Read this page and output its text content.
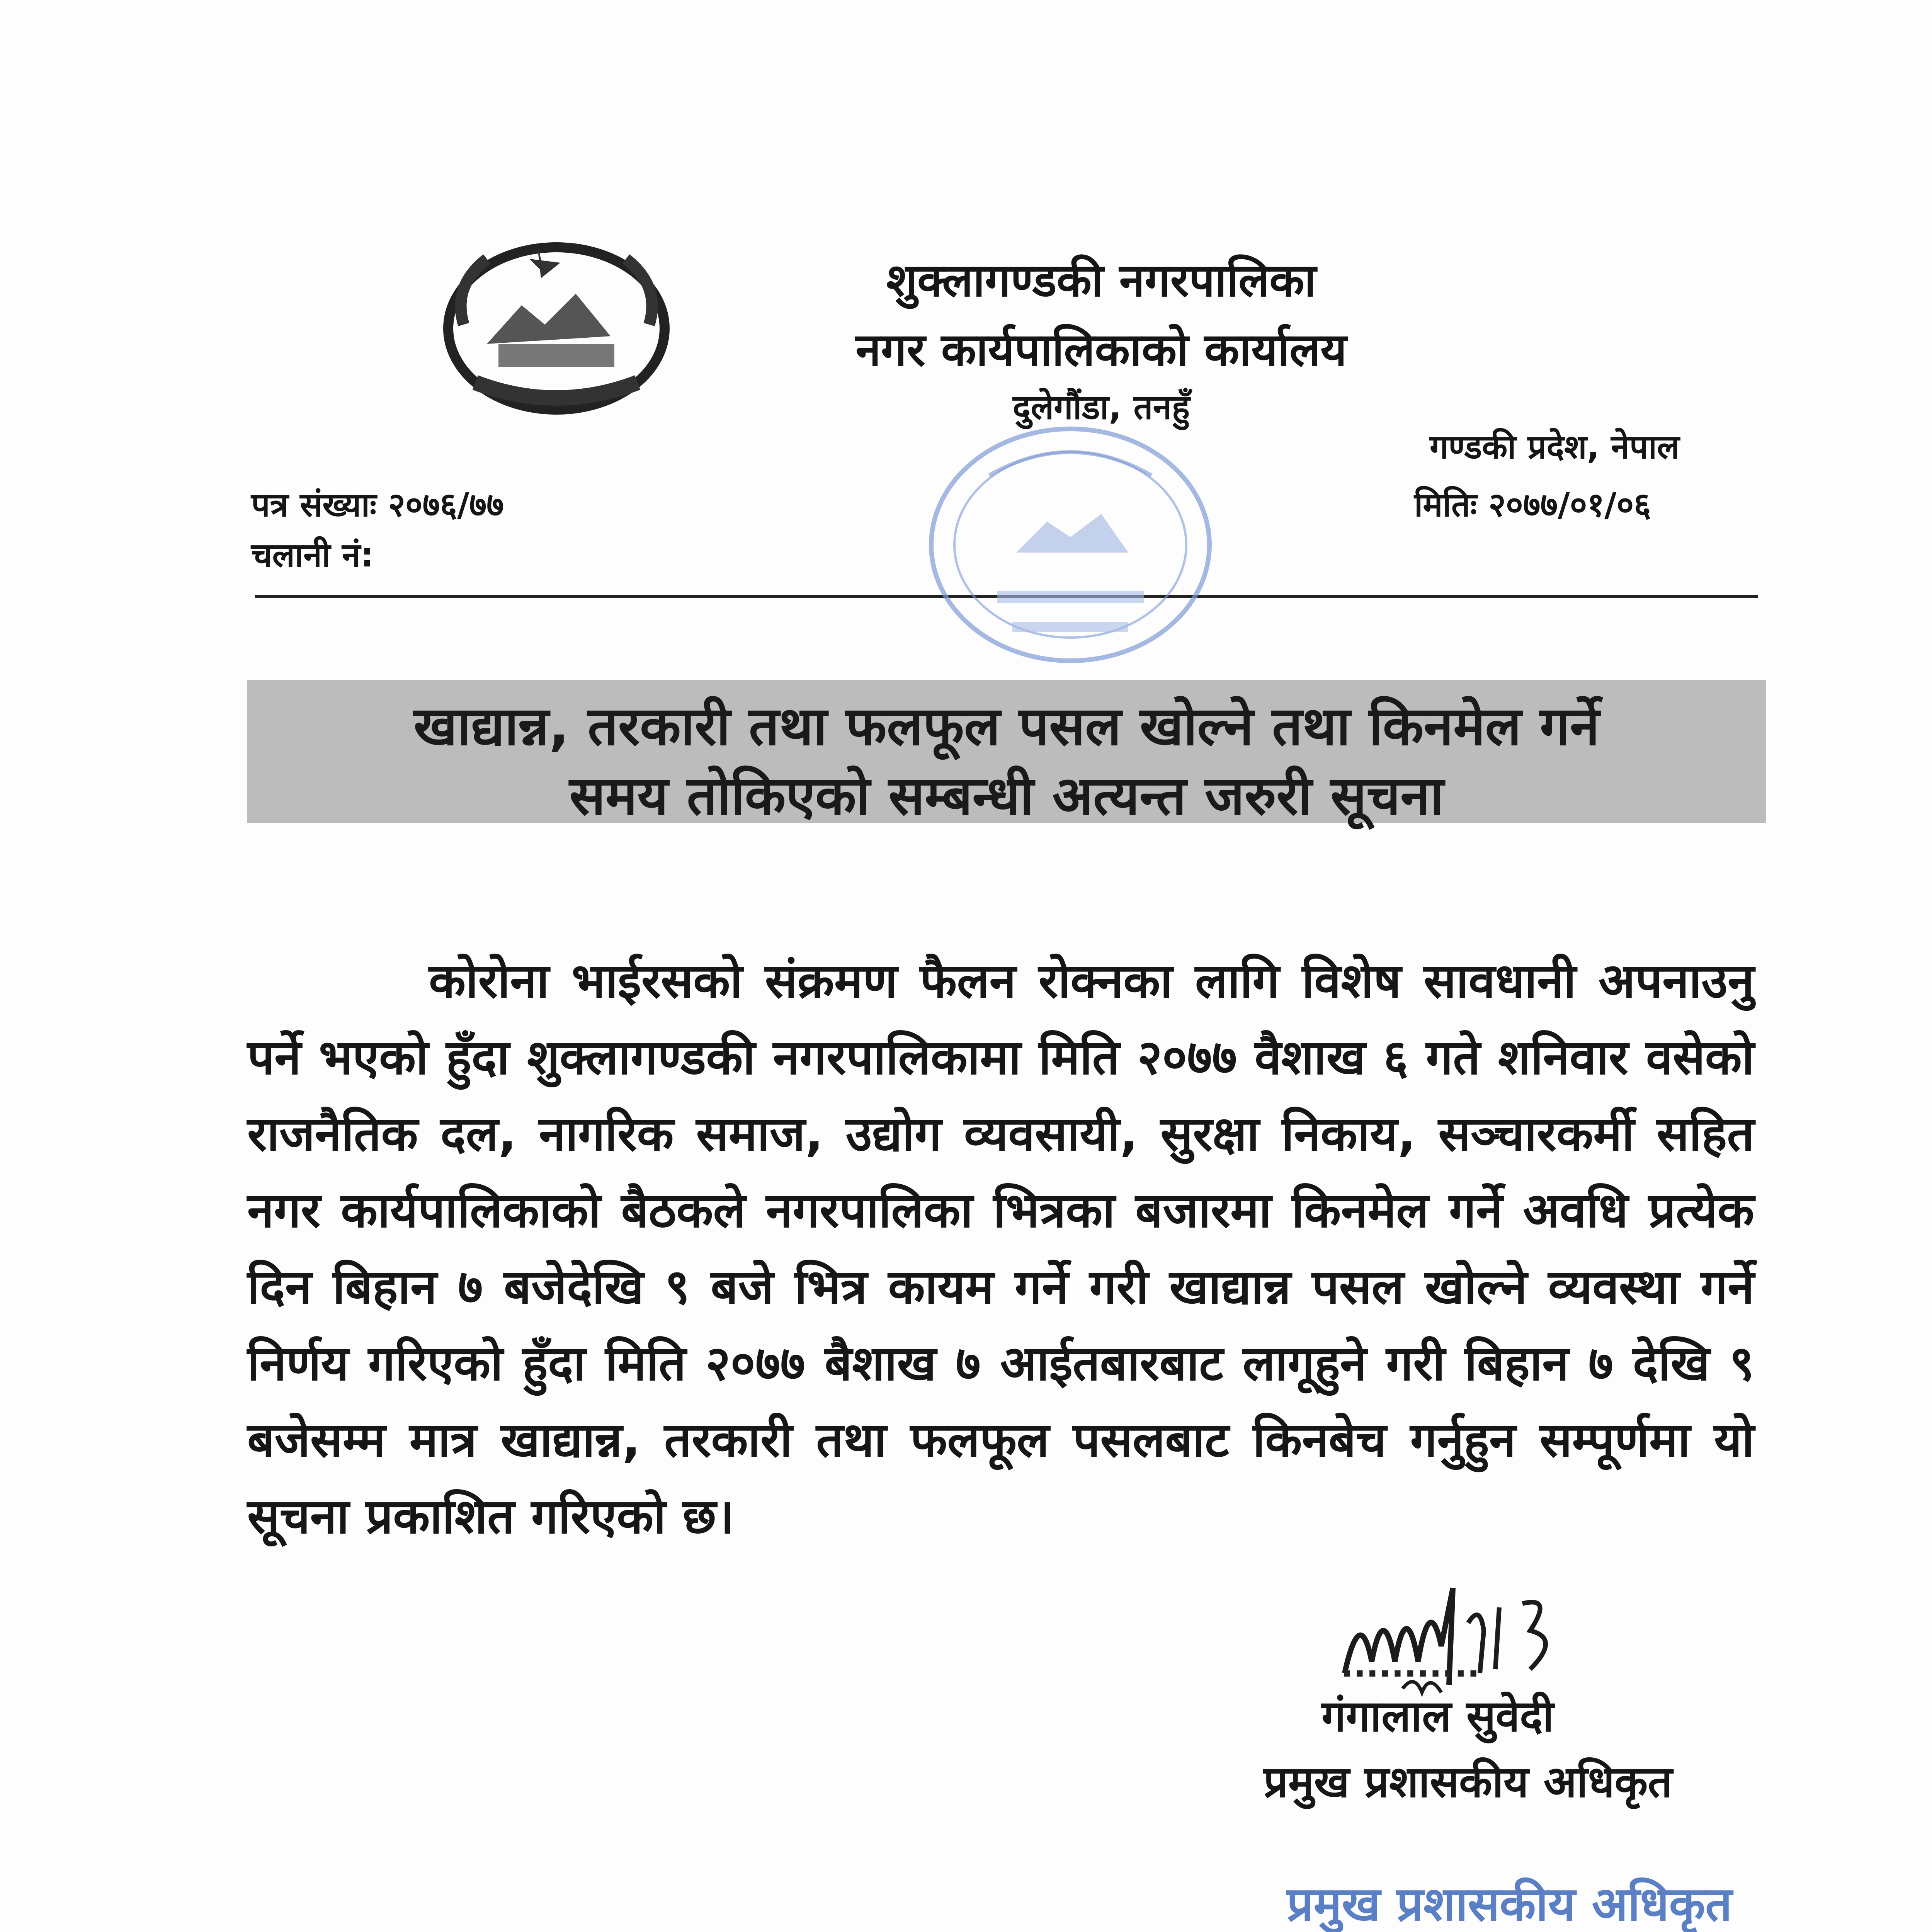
शुक्लागण्डकी नगरपालिका
नगर कार्यपालिकाको कार्यालय
दुलेगौंडा, तनहुँ
गण्डकी प्रदेश, नेपाल
पत्र संख्याः २०७६/७७
चलानी नं:
मितिः २०७७/०१/०६
खाद्यान्न, तरकारी तथा फलफूल पसल खोल्ने तथा किनमेल गर्ने
समय तोकिएको सम्बन्धी अत्यन्त जरुरी सूचना
कोरोना भाईरसको संक्रमण फैलन रोक्नका लागि विशेष सावधानी अपनाउनु पर्ने भएको हुँदा शुक्लागण्डकी नगरपालिकामा मिति २०७७ वैशाख ६ गते शनिवार वसेको राजनैतिक दल, नागरिक समाज, उद्योग व्यवसायी, सुरक्षा निकाय, सञ्चारकर्मी सहित नगर कार्यपालिकाको बैठकले नगरपालिका भित्रका बजारमा किनमेल गर्ने अवधि प्रत्येक दिन बिहान ७ बजेदेखि ९ बजे भित्र कायम गर्ने गरी खाद्यान्न पसल खोल्ने व्यवस्था गर्ने निर्णय गरिएको हुँदा मिति २०७७ बैशाख ७ आईतबारबाट लागूहुने गरी बिहान ७ देखि ९ बजेसम्म मात्र खाद्यान्न, तरकारी तथा फलफूल पसलबाट किनबेच गर्नुहुन सम्पूर्णमा यो सूचना प्रकाशित गरिएको छ।
...........
गंगालाल सुवेदी
प्रमुख प्रशासकीय अधिकृत
प्रमुख प्रशासकीय अधिकृत
